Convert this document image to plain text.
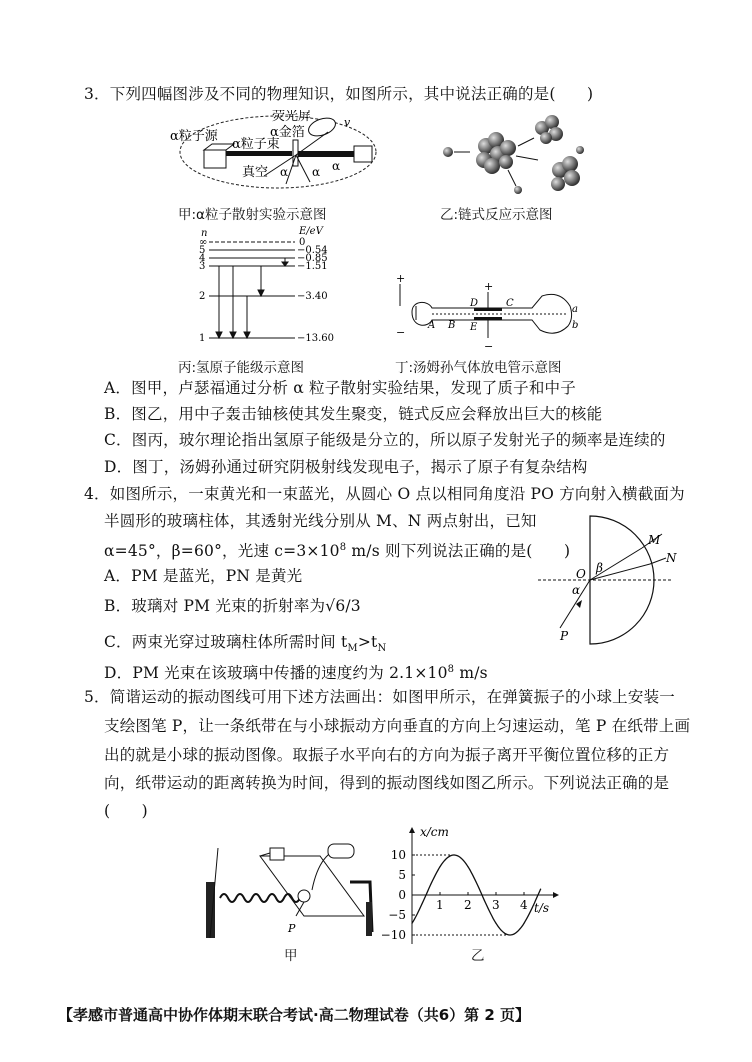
3．下列四幅图涉及不同的物理知识，如图所示，其中说法正确的是(　　)
荧光屏
α粒子源	α金箔
α粒子束
真空 α α α
v
甲:α粒子散射实验示意图	乙:链式反应示意图
n	E/eV
∞
5
4
3
2
1
0
−0.54
−0.85
−1.51
−3.40
−13.60
丙:氢原子能级示意图
+
−
+
−
A B
D
E
C
a
b
丁:汤姆孙气体放电管示意图
A．图甲，卢瑟福通过分析 α 粒子散射实验结果，发现了质子和中子
B．图乙，用中子轰击铀核使其发生聚变，链式反应会释放出巨大的核能
C．图丙，玻尔理论指出氢原子能级是分立的，所以原子发射光子的频率是连续的
D．图丁，汤姆孙通过研究阴极射线发现电子，揭示了原子有复杂结构
4．如图所示，一束黄光和一束蓝光，从圆心 O 点以相同角度沿 PO 方向射入横截面为
半圆形的玻璃柱体，其透射光线分别从 M、N 两点射出，已知
α=45°，β=60°，光速 $c=3\times 10^8$ m/s 则下列说法正确的是(　　)
A．PM 是蓝光，PN 是黄光
B．玻璃对 PM 光束的折射率为√6/3
C．两束光穿过玻璃柱体所需时间 $t_M>t_N$
D．PM 光束在该玻璃中传播的速度约为 $2.1\times 10^8$ m/s
M
N
O
P
α
β
5．简谐运动的振动图线可用下述方法画出：如图甲所示，在弹簧振子的小球上安装一
支绘图笔 P，让一条纸带在与小球振动方向垂直的方向上匀速运动，笔 P 在纸带上画
出的就是小球的振动图像。取振子水平向右的方向为振子离开平衡位置位移的正方
向，纸带运动的距离转换为时间，得到的振动图线如图乙所示。下列说法正确的是
(　　)
P
甲
x/cm
t/s
1 2 3 4
10
5
0
−5
−10
乙
【孝感市普通高中协作体期末联合考试·高二物理试卷（共6）第 2 页】
